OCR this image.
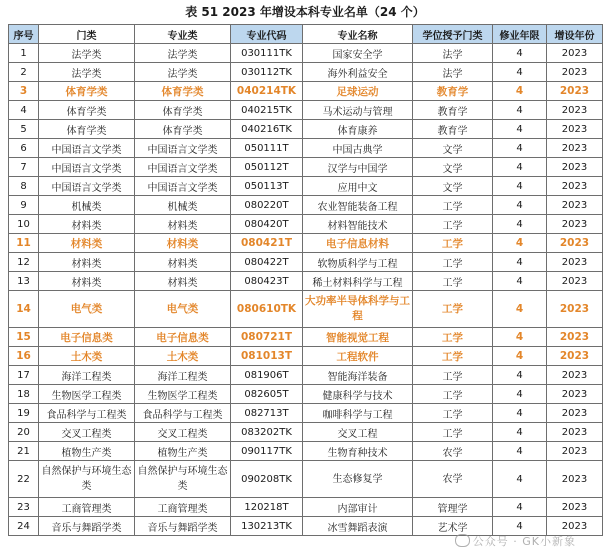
表 51 2023 年增设本科专业名单（24 个）
序号	门类	专业类	专业代码	专业名称	学位授予门类	修业年限	增设年份
1	法学类	法学类	030111TK	国家安全学	法学	4	2023
2	法学类	法学类	030112TK	海外利益安全	法学	4	2023
3	体育学类	体育学类	040214TK	足球运动	教育学	4	2023
4	体育学类	体育学类	040215TK	马术运动与管理	教育学	4	2023
5	体育学类	体育学类	040216TK	体育康养	教育学	4	2023
6	中国语言文学类	中国语言文学类	050111T	中国古典学	文学	4	2023
7	中国语言文学类	中国语言文学类	050112T	汉学与中国学	文学	4	2023
8	中国语言文学类	中国语言文学类	050113T	应用中文	文学	4	2023
9	机械类	机械类	080220T	农业智能装备工程	工学	4	2023
10	材料类	材料类	080420T	材料智能技术	工学	4	2023
11	材料类	材料类	080421T	电子信息材料	工学	4	2023
12	材料类	材料类	080422T	软物质科学与工程	工学	4	2023
13	材料类	材料类	080423T	稀土材料科学与工程	工学	4	2023
14	电气类	电气类	080610TK	大功率半导体科学与工程	工学	4	2023
15	电子信息类	电子信息类	080721T	智能视觉工程	工学	4	2023
16	土木类	土木类	081013T	工程软件	工学	4	2023
17	海洋工程类	海洋工程类	081906T	智能海洋装备	工学	4	2023
18	生物医学工程类	生物医学工程类	082605T	健康科学与技术	工学	4	2023
19	食品科学与工程类	食品科学与工程类	082713T	咖啡科学与工程	工学	4	2023
20	交叉工程类	交叉工程类	083202TK	交叉工程	工学	4	2023
21	植物生产类	植物生产类	090117TK	生物育种技术	农学	4	2023
22	自然保护与环境生态类	自然保护与环境生态类	090208TK	生态修复学	农学	4	2023
23	工商管理类	工商管理类	120218T	内部审计	管理学	4	2023
24	音乐与舞蹈学类	音乐与舞蹈学类	130213TK	冰雪舞蹈表演	艺术学	4	2023
公众号 · GK小新象
